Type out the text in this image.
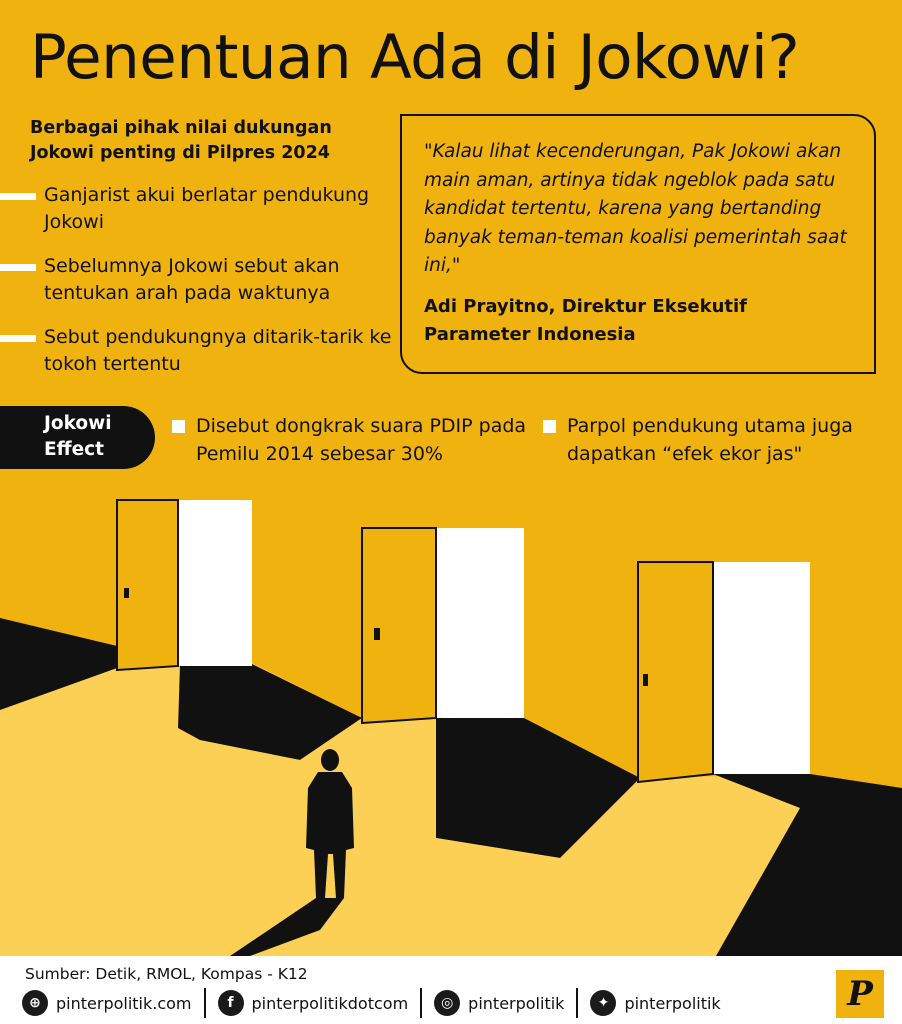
Penentuan Ada di Jokowi?
Berbagai pihak nilai dukungan Jokowi penting di Pilpres 2024
Ganjarist akui berlatar pendukung Jokowi
Sebelumnya Jokowi sebut akan tentukan arah pada waktunya
Sebut pendukungnya ditarik-tarik ke tokoh tertentu
"Kalau lihat kecenderungan, Pak Jokowi akan main aman, artinya tidak ngeblok pada satu kandidat tertentu, karena yang bertanding banyak teman-teman koalisi pemerintah saat ini,"
Adi Prayitno, Direktur Eksekutif Parameter Indonesia
Jokowi
Effect
Disebut dongkrak suara PDIP pada Pemilu 2014 sebesar 30%
Parpol pendukung utama juga dapatkan “efek ekor jas"
Sumber: Detik, RMOL, Kompas - K12
⊕ pinterpolitik.com	f	pinterpolitikdotcom	◎ pinterpolitik	✦ pinterpolitik	P
